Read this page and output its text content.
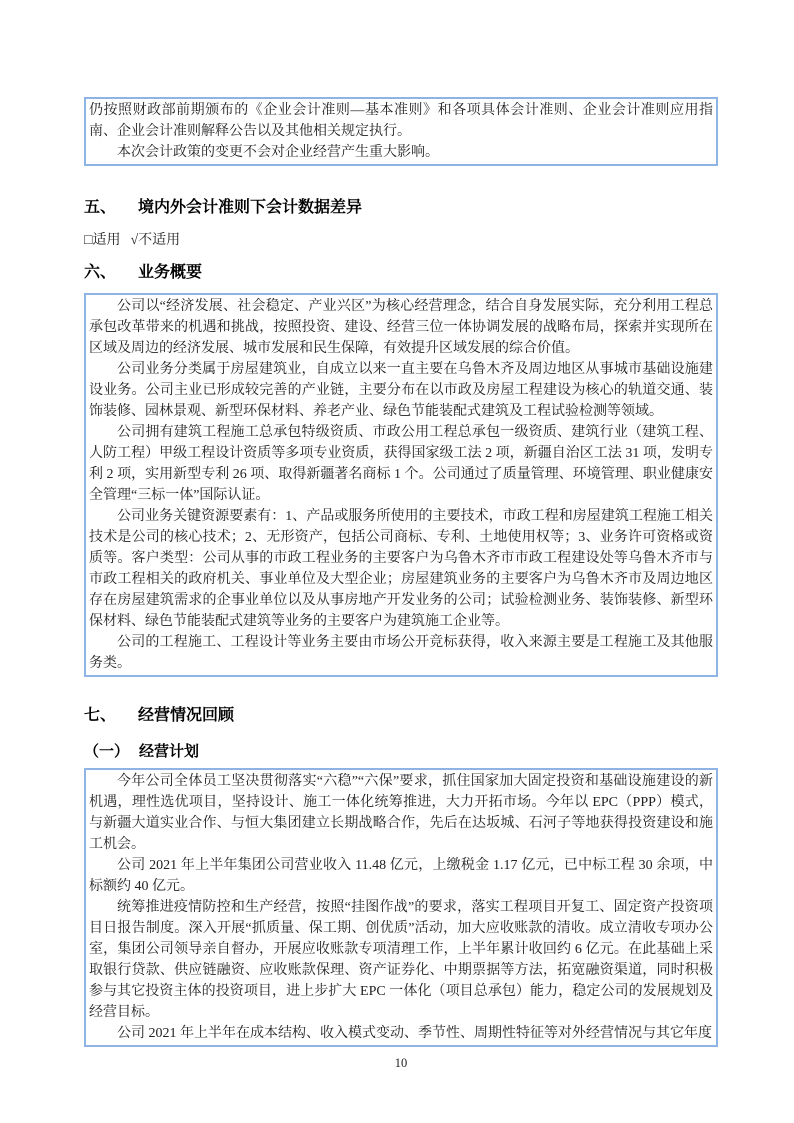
仍按照财政部前期颁布的《企业会计准则—基本准则》和各项具体会计准则、企业会计准则应用指南、企业会计准则解释公告以及其他相关规定执行。

本次会计政策的变更不会对企业经营产生重大影响。

五、 境内外会计准则下会计数据差异
□适用 √不适用
六、 业务概要

公司以“经济发展、社会稳定、产业兴区”为核心经营理念，结合自身发展实际，充分利用工程总承包改革带来的机遇和挑战，按照投资、建设、经营三位一体协调发展的战略布局，探索并实现所在区域及周边的经济发展、城市发展和民生保障，有效提升区域发展的综合价值。

公司业务分类属于房屋建筑业，自成立以来一直主要在乌鲁木齐及周边地区从事城市基础设施建设业务。公司主业已形成较完善的产业链，主要分布在以市政及房屋工程建设为核心的轨道交通、装饰装修、园林景观、新型环保材料、养老产业、绿色节能装配式建筑及工程试验检测等领域。

公司拥有建筑工程施工总承包特级资质、市政公用工程总承包一级资质、建筑行业（建筑工程、人防工程）甲级工程设计资质等多项专业资质，获得国家级工法 2 项，新疆自治区工法 31 项，发明专利 2 项，实用新型专利 26 项、取得新疆著名商标 1 个。公司通过了质量管理、环境管理、职业健康安全管理“三标一体”国际认证。

公司业务关键资源要素有：1、产品或服务所使用的主要技术，市政工程和房屋建筑工程施工相关技术是公司的核心技术；2、无形资产，包括公司商标、专利、土地使用权等；3、业务许可资格或资质等。客户类型：公司从事的市政工程业务的主要客户为乌鲁木齐市市政工程建设处等乌鲁木齐市与市政工程相关的政府机关、事业单位及大型企业；房屋建筑业务的主要客户为乌鲁木齐市及周边地区存在房屋建筑需求的企事业单位以及从事房地产开发业务的公司；试验检测业务、装饰装修、新型环保材料、绿色节能装配式建筑等业务的主要客户为建筑施工企业等。

公司的工程施工、工程设计等业务主要由市场公开竞标获得，收入来源主要是工程施工及其他服务类。

七、 经营情况回顾
（一） 经营计划

今年公司全体员工坚决贯彻落实“六稳”“六保”要求，抓住国家加大固定投资和基础设施建设的新机遇，理性选优项目，坚持设计、施工一体化统筹推进，大力开拓市场。今年以 EPC（PPP）模式，与新疆大道实业合作、与恒大集团建立长期战略合作，先后在达坂城、石河子等地获得投资建设和施工机会。

公司 2021 年上半年集团公司营业收入 11.48 亿元，上缴税金 1.17 亿元，已中标工程 30 余项，中标额约 40 亿元。

统筹推进疫情防控和生产经营，按照“挂图作战”的要求，落实工程项目开复工、固定资产投资项目日报告制度。深入开展“抓质量、保工期、创优质”活动，加大应收账款的清收。成立清收专项办公室，集团公司领导亲自督办，开展应收账款专项清理工作，上半年累计收回约 6 亿元。在此基础上采取银行贷款、供应链融资、应收账款保理、资产证券化、中期票据等方法，拓宽融资渠道，同时积极参与其它投资主体的投资项目，进上步扩大 EPC 一体化（项目总承包）能力，稳定公司的发展规划及经营目标。

公司 2021 年上半年在成本结构、收入模式变动、季节性、周期性特征等对外经营情况与其它年度

10
